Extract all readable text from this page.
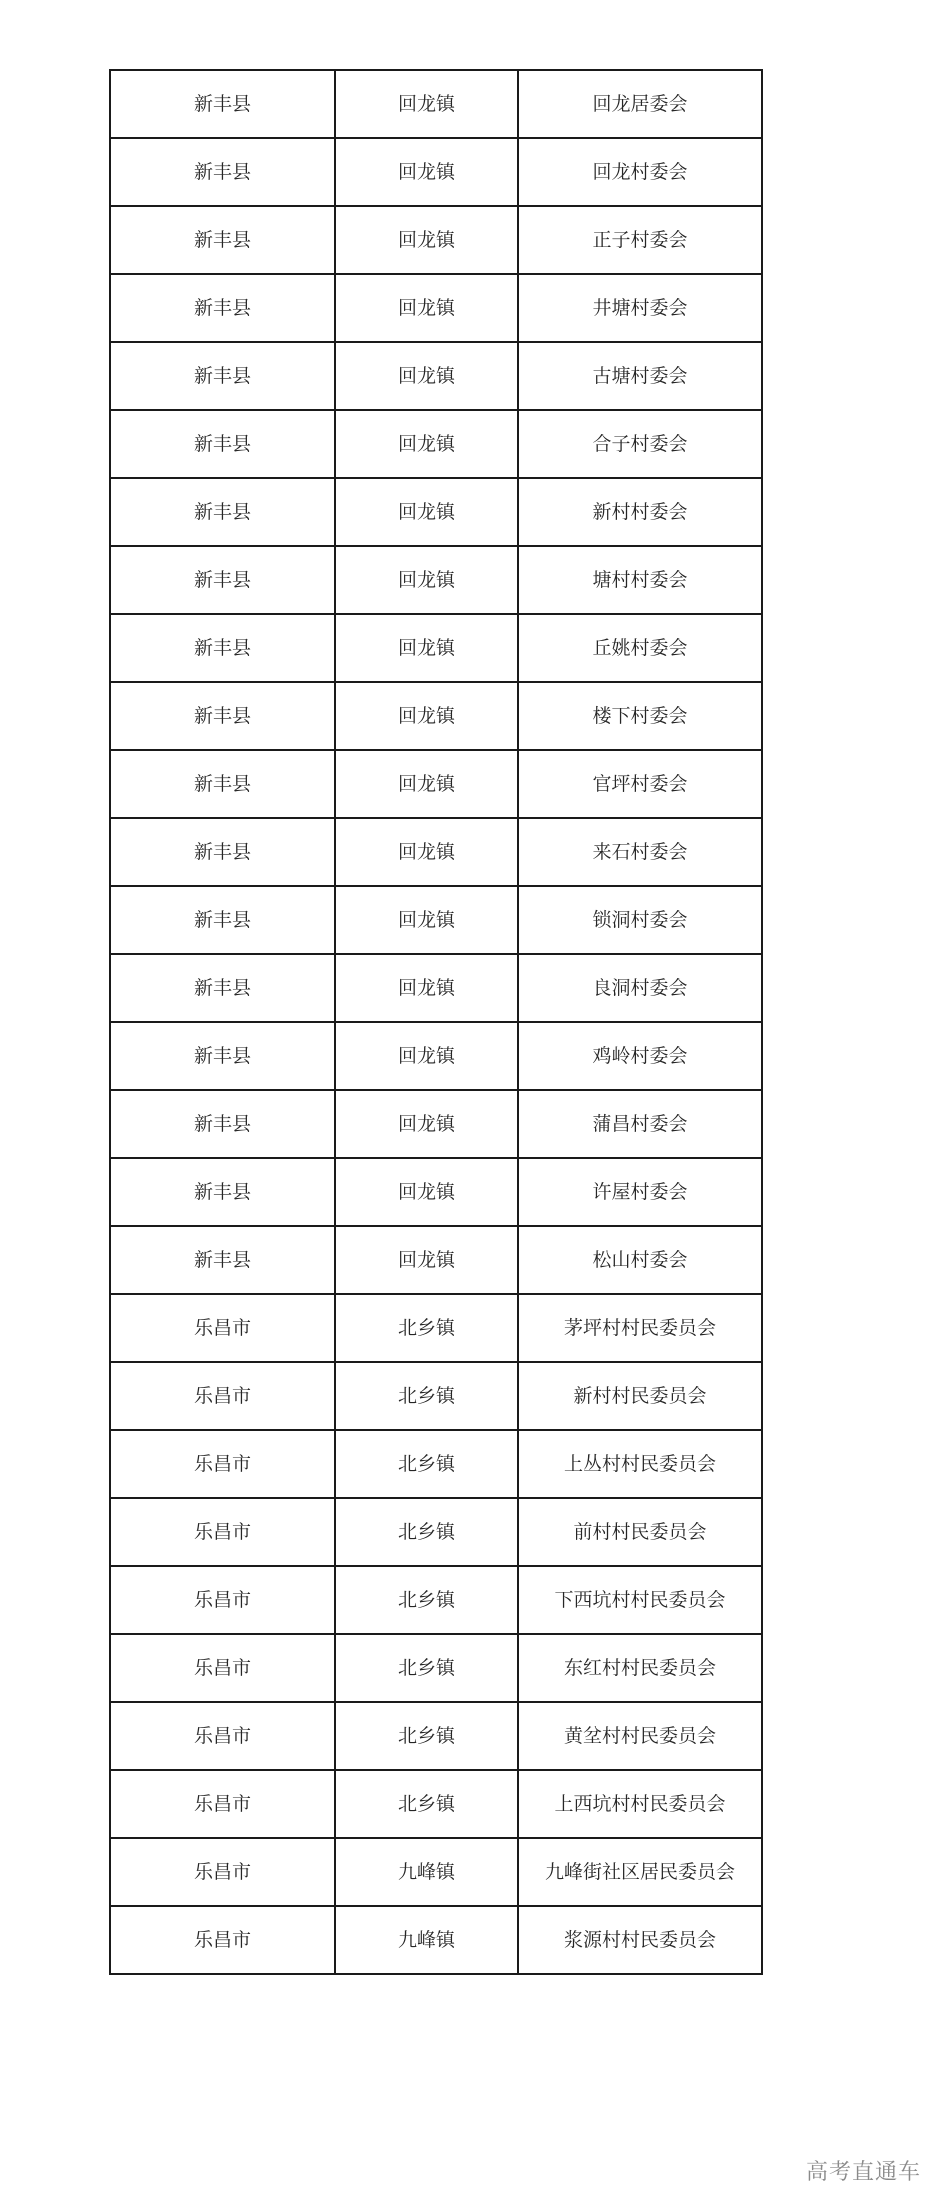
新丰县	回龙镇	回龙居委会
新丰县	回龙镇	回龙村委会
新丰县	回龙镇	正子村委会
新丰县	回龙镇	井塘村委会
新丰县	回龙镇	古塘村委会
新丰县	回龙镇	合子村委会
新丰县	回龙镇	新村村委会
新丰县	回龙镇	塘村村委会
新丰县	回龙镇	丘姚村委会
新丰县	回龙镇	楼下村委会
新丰县	回龙镇	官坪村委会
新丰县	回龙镇	来石村委会
新丰县	回龙镇	锁洞村委会
新丰县	回龙镇	良洞村委会
新丰县	回龙镇	鸡岭村委会
新丰县	回龙镇	蒲昌村委会
新丰县	回龙镇	许屋村委会
新丰县	回龙镇	松山村委会
乐昌市	北乡镇	茅坪村村民委员会
乐昌市	北乡镇	新村村民委员会
乐昌市	北乡镇	上丛村村民委员会
乐昌市	北乡镇	前村村民委员会
乐昌市	北乡镇	下西坑村村民委员会
乐昌市	北乡镇	东红村村民委员会
乐昌市	北乡镇	黄坌村村民委员会
乐昌市	北乡镇	上西坑村村民委员会
乐昌市	九峰镇	九峰街社区居民委员会
乐昌市	九峰镇	浆源村村民委员会
高考直通车
